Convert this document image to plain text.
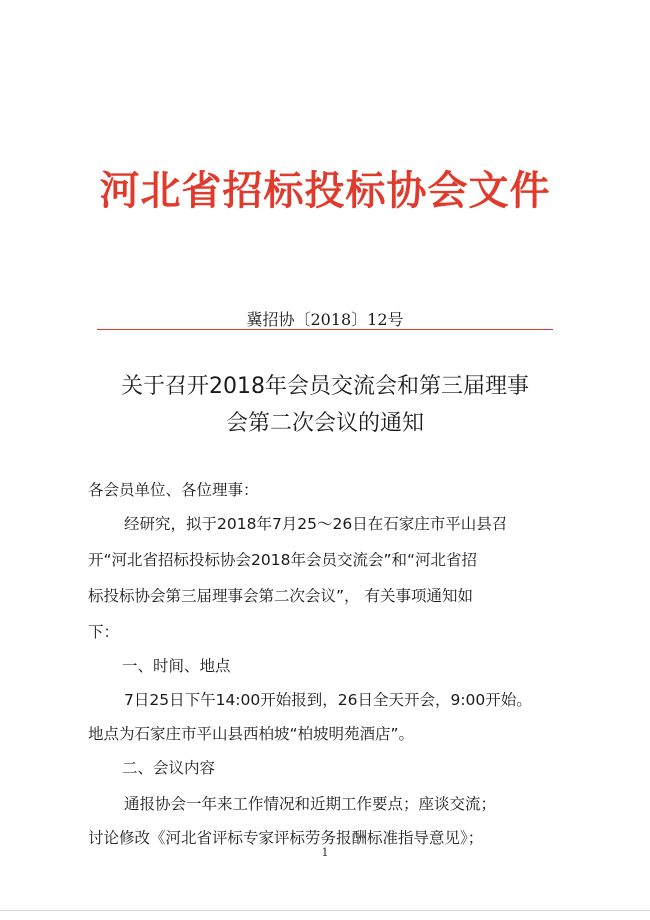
河北省招标投标协会文件
冀招协〔2018〕12号
关于召开2018年会员交流会和第三届理事
会第二次会议的通知
各会员单位、各位理事：
经研究，拟于2018年7月25～26日在石家庄市平山县召
开“河北省招标投标协会2018年会员交流会”和“河北省招
标投标协会第三届理事会第二次会议”， 有关事项通知如
下：
一、时间、地点
7日25日下午14:00开始报到，26日全天开会，9:00开始。
地点为石家庄市平山县西柏坡“柏坡明苑酒店”。
二、会议内容
通报协会一年来工作情况和近期工作要点；座谈交流；
讨论修改《河北省评标专家评标劳务报酬标准指导意见》；
1
